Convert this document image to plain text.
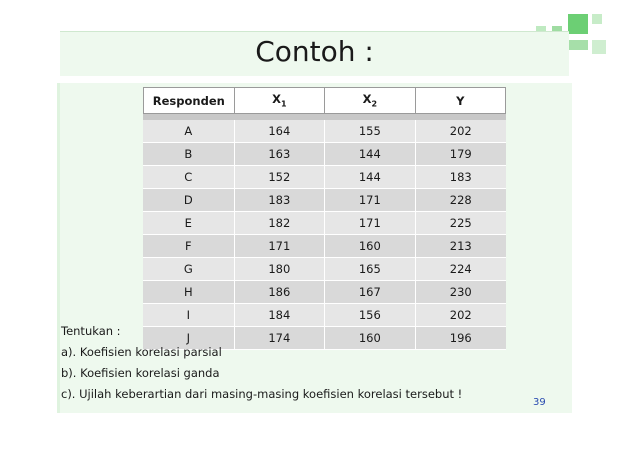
Contoh :
Responden	$X_1$	$X_2$	Y

A	164	155	202
B	163	144	179
C	152	144	183
D	183	171	228
E	182	171	225
F	171	160	213
G	180	165	224
H	186	167	230
I	184	156	202
J	174	160	196
Tentukan :
a). Koefisien korelasi parsial
b). Koefisien korelasi ganda
c). Ujilah keberartian dari masing-masing koefisien korelasi tersebut !
39
